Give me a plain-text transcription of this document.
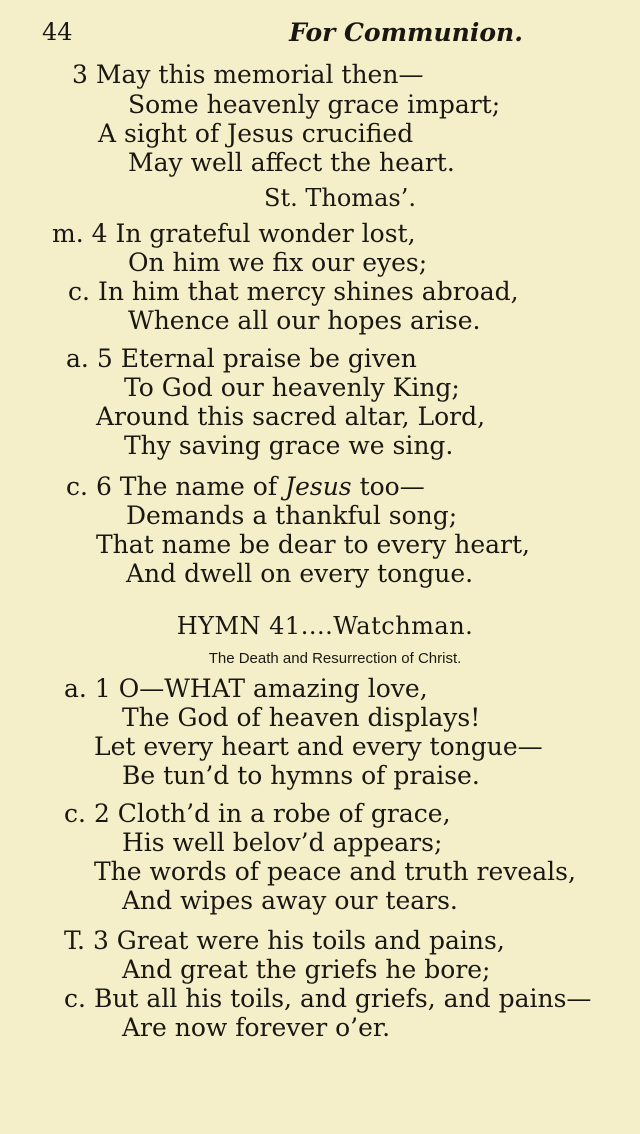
44	For Communion.
3 May this memorial then—
Some heavenly grace impart;
A sight of Jesus crucified
May well affect the heart.
St. Thomas’.
m. 4 In grateful wonder lost,
On him we fix our eyes;
c. In him that mercy shines abroad,
Whence all our hopes arise.
a. 5 Eternal praise be given
To God our heavenly King;
Around this sacred altar, Lord,
Thy saving grace we sing.
c. 6 The name of Jesus too—
Demands a thankful song;
That name be dear to every heart,
And dwell on every tongue.
HYMN 41....Watchman.
The Death and Resurrection of Christ.
a. 1 O—WHAT amazing love,
The God of heaven displays!
Let every heart and every tongue—
Be tun’d to hymns of praise.
c. 2 Cloth’d in a robe of grace,
His well belov’d appears;
The words of peace and truth reveals,
And wipes away our tears.
T. 3 Great were his toils and pains,
And great the griefs he bore;
c. But all his toils, and griefs, and pains—
Are now forever o’er.
